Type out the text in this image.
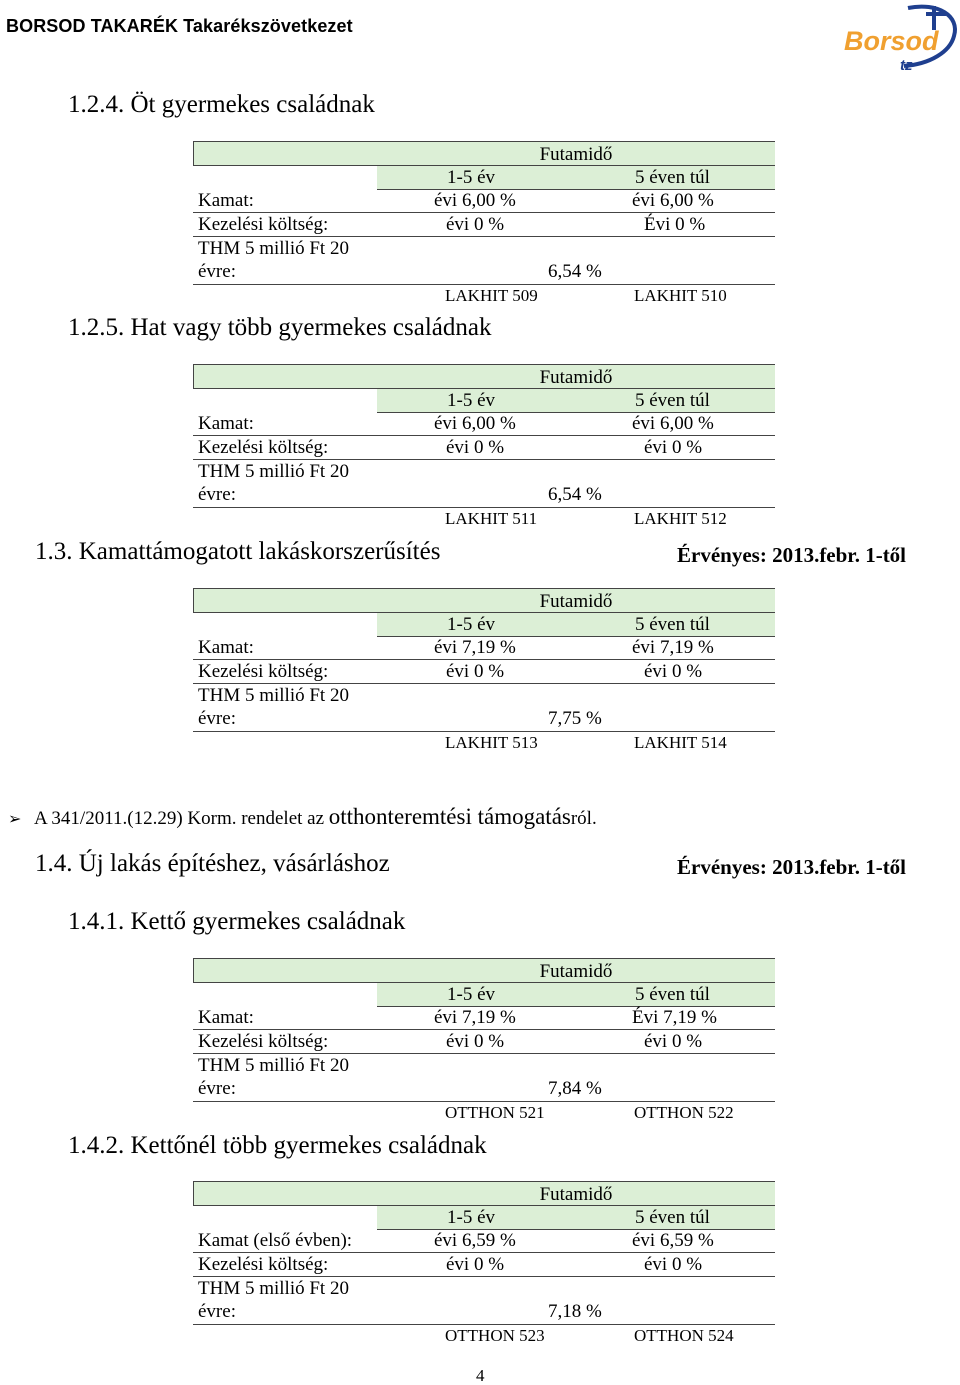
BORSOD TAKARÉK Takarékszövetkezet	Borsod
tz
1.2.4. Öt gyermekes családnak
Futamidő
1-5 év	5 éven túl
Kamat:	évi 6,00 %	évi 6,00 %
Kezelési költség:	évi 0 %	Évi 0 %
THM 5 millió Ft 20
évre:	6,54 %
LAKHIT 509	LAKHIT 510
1.2.5. Hat vagy több gyermekes családnak
Futamidő
1-5 év	5 éven túl
Kamat:	évi 6,00 %	évi 6,00 %
Kezelési költség:	évi 0 %	évi 0 %
THM 5 millió Ft 20
évre:	6,54 %
LAKHIT 511	LAKHIT 512
1.3. Kamattámogatott lakáskorszerűsítés	Érvényes: 2013.febr. 1-től
Futamidő
1-5 év	5 éven túl
Kamat:	évi 7,19 %	évi 7,19 %
Kezelési költség:	évi 0 %	évi 0 %
THM 5 millió Ft 20
évre:	7,75 %
LAKHIT 513	LAKHIT 514
➢ A 341/2011.(12.29) Korm. rendelet az otthonteremtési támogatásról.
1.4. Új lakás építéshez, vásárláshoz	Érvényes: 2013.febr. 1-től
1.4.1. Kettő gyermekes családnak
Futamidő
1-5 év	5 éven túl
Kamat:	évi 7,19 %	Évi 7,19 %
Kezelési költség:	évi 0 %	évi 0 %
THM 5 millió Ft 20
évre:	7,84 %
OTTHON 521	OTTHON 522
1.4.2. Kettőnél több gyermekes családnak
Futamidő
1-5 év	5 éven túl
Kamat (első évben):	évi 6,59 %	évi 6,59 %
Kezelési költség:	évi 0 %	évi 0 %
THM 5 millió Ft 20
évre:	7,18 %
OTTHON 523	OTTHON 524
4
